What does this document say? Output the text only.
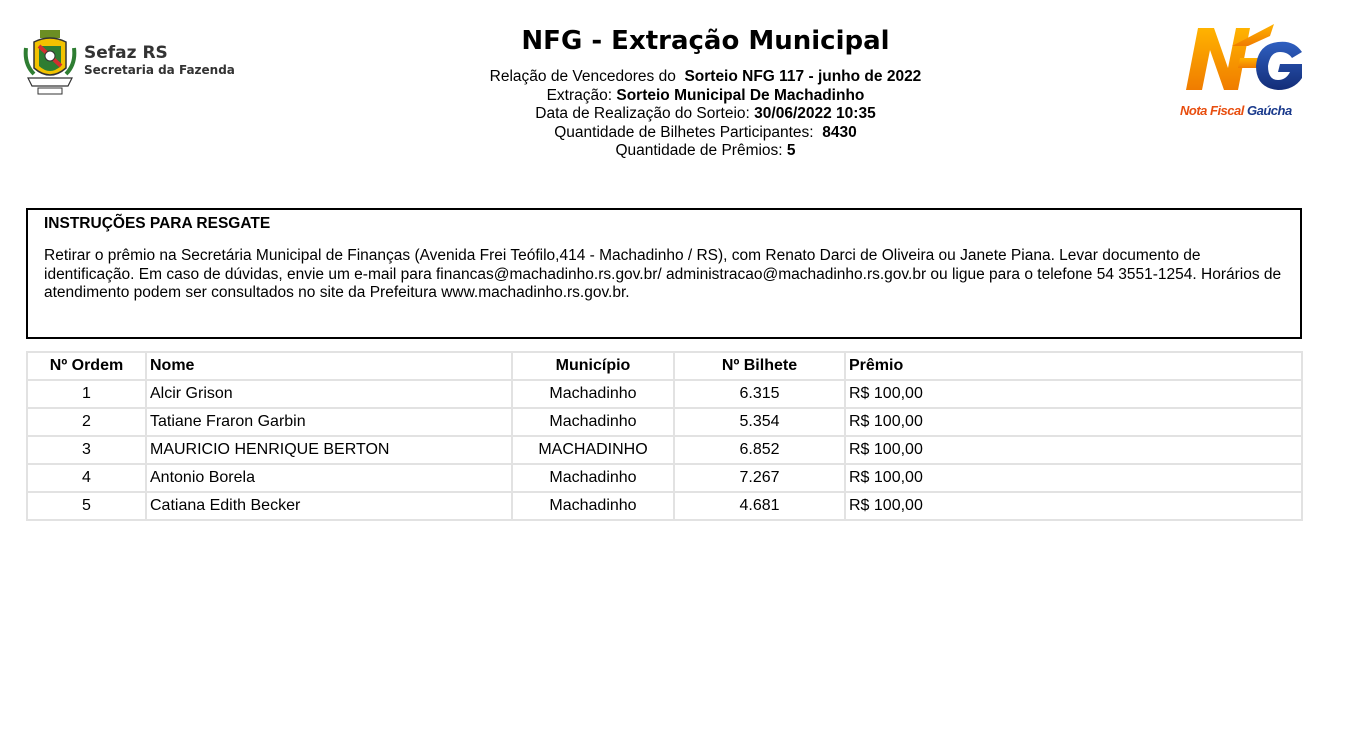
Sefaz RS
Secretaria da Fazenda
NFG - Extração Municipal
Relação de Vencedores do Sorteio NFG 117 - junho de 2022
Extração: Sorteio Municipal De Machadinho
Data de Realização do Sorteio: 30/06/2022 10:35
Quantidade de Bilhetes Participantes: 8430
Quantidade de Prêmios: 5
Nota Fiscal Gaúcha
INSTRUÇÕES PARA RESGATE
Retirar o prêmio na Secretária Municipal de Finanças (Avenida Frei Teófilo,414 - Machadinho / RS), com Renato Darci de Oliveira ou Janete Piana. Levar documento de identificação. Em caso de dúvidas, envie um e-mail para financas@machadinho.rs.gov.br/ administracao@machadinho.rs.gov.br ou ligue para o telefone 54 3551-1254. Horários de atendimento podem ser consultados no site da Prefeitura www.machadinho.rs.gov.br.
Nº Ordem	Nome	Município	Nº Bilhete	Prêmio
1	Alcir Grison	Machadinho	6.315	R$ 100,00
2	Tatiane Fraron Garbin	Machadinho	5.354	R$ 100,00
3	MAURICIO HENRIQUE BERTON	MACHADINHO	6.852	R$ 100,00
4	Antonio Borela	Machadinho	7.267	R$ 100,00
5	Catiana Edith Becker	Machadinho	4.681	R$ 100,00
